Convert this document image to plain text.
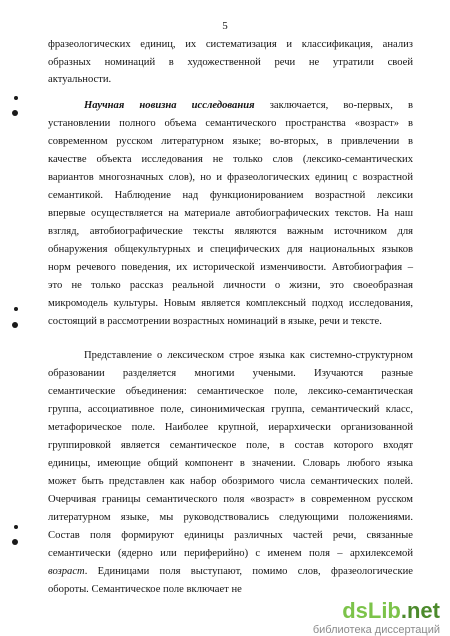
5
фразеологических единиц, их систематизация и классификация, анализ
образных номинаций в художественной речи не утратили своей
актуальности.
Научная новизна исследования заключается, во-первых, в
установлении полного объема семантического пространства «возраст» в
современном русском литературном языке; во-вторых, в привлечении в
качестве объекта исследования не только слов (лексико-семантических
вариантов многозначных слов), но и фразеологических единиц с возрастной
семантикой. Наблюдение над функционированием возрастной лексики
впервые осуществляется на материале автобиографических текстов. На наш
взгляд, автобиографические тексты являются важным источником для
обнаружения общекультурных и специфических для национальных языков
норм речевого поведения, их исторической изменчивости. Автобиография –
это не только рассказ реальной личности о жизни, это своеобразная
микромодель культуры. Новым является комплексный подход исследования,
состоящий в рассмотрении возрастных номинаций в языке, речи и тексте.
Представление о лексическом строе языка как системно-структурном
образовании разделяется многими учеными. Изучаются разные
семантические объединения: семантическое поле, лексико-семантическая
группа, ассоциативное поле, синонимическая группа, семантический класс,
метафорическое поле. Наиболее крупной, иерархически организованной
группировкой является семантическое поле, в состав которого входят
единицы, имеющие общий компонент в значении. Словарь любого языка
может быть представлен как набор обозримого числа семантических полей.
Очерчивая границы семантического поля «возраст» в современном русском
литературном языке, мы руководствовались следующими положениями.
Состав поля формируют единицы различных частей речи, связанные
семантически (ядерно или периферийно) с именем поля – архилексемой
возраст. Единицами поля выступают, помимо слов, фразеологические
обороты. Семантическое поле включает не
dsLib.net
библиотека диссертаций
